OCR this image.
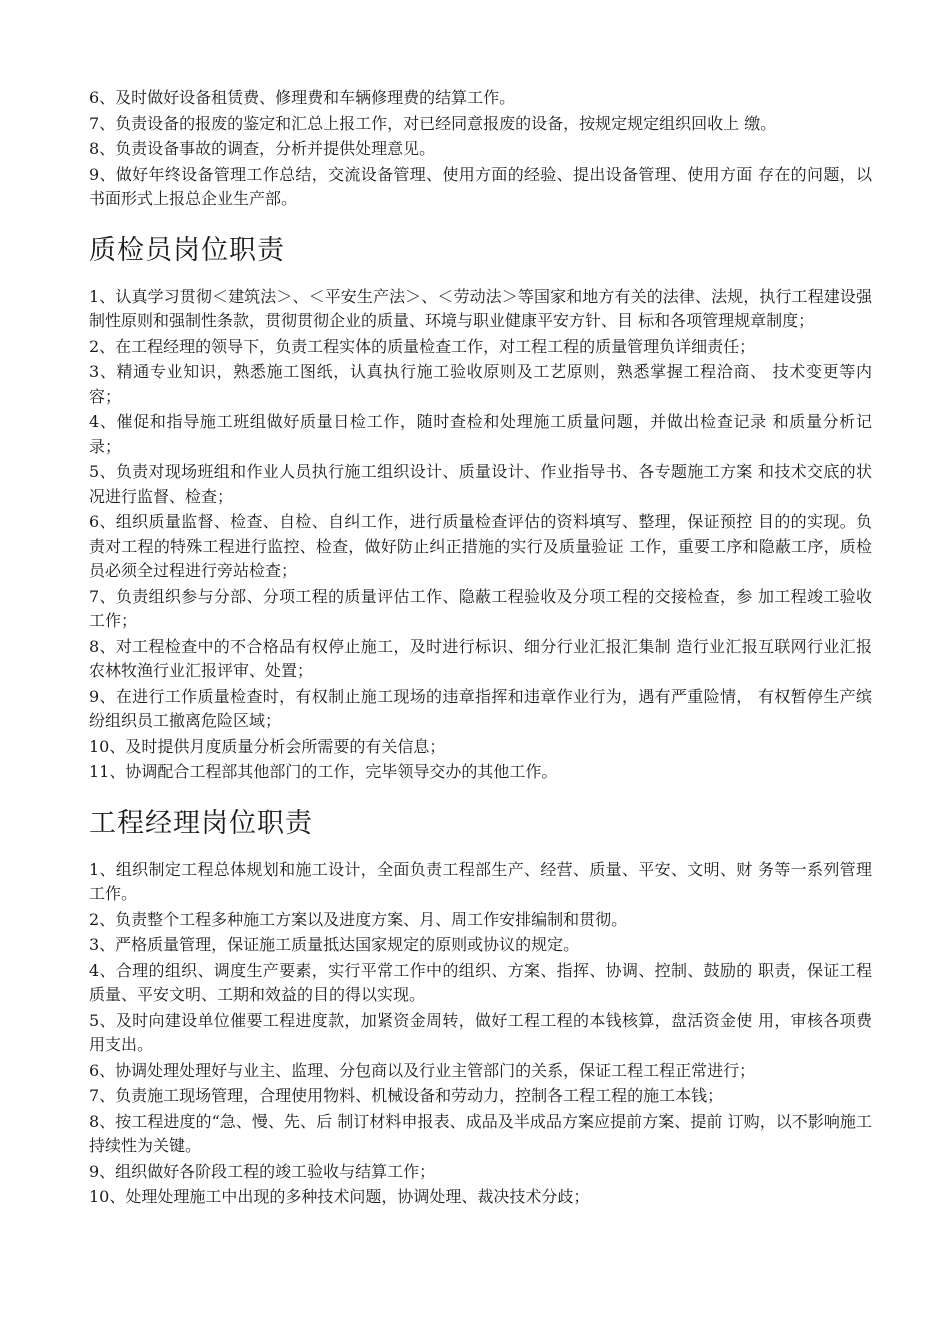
6、及时做好设备租赁费、修理费和车辆修理费的结算工作。

7、负责设备的报废的鉴定和汇总上报工作，对已经同意报废的设备，按规定规定组织回收上 缴。

8、负责设备事故的调查，分析并提供处理意见。

9、做好年终设备管理工作总结，交流设备管理、使用方面的经验、提出设备管理、使用方面 存在的问题，以书面形式上报总企业生产部。

质检员岗位职责

1、认真学习贯彻＜建筑法＞、＜平安生产法＞、＜劳动法＞等国家和地方有关的法律、法规，执行工程建设强制性原则和强制性条款，贯彻贯彻企业的质量、环境与职业健康平安方针、目 标和各项管理规章制度；

2、在工程经理的领导下，负责工程实体的质量检查工作，对工程工程的质量管理负详细责任；

3、精通专业知识，熟悉施工图纸，认真执行施工验收原则及工艺原则，熟悉掌握工程洽商、 技术变更等内容；

4、催促和指导施工班组做好质量日检工作，随时查检和处理施工质量问题，并做出检查记录 和质量分析记录；

5、负责对现场班组和作业人员执行施工组织设计、质量设计、作业指导书、各专题施工方案 和技术交底的状况进行监督、检查；

6、组织质量监督、检查、自检、自纠工作，进行质量检查评估的资料填写、整理，保证预控 目的的实现。负责对工程的特殊工程进行监控、检查，做好防止纠正措施的实行及质量验证 工作，重要工序和隐蔽工序，质检员必须全过程进行旁站检查；

7、负责组织参与分部、分项工程的质量评估工作、隐蔽工程验收及分项工程的交接检查，参 加工程竣工验收工作；

8、对工程检查中的不合格品有权停止施工，及时进行标识、细分行业汇报汇集制 造行业汇报互联网行业汇报农林牧渔行业汇报评审、处置；

9、在进行工作质量检查时，有权制止施工现场的违章指挥和违章作业行为，遇有严重险情， 有权暂停生产缤纷组织员工撤离危险区域；

10、及时提供月度质量分析会所需要的有关信息；

11、协调配合工程部其他部门的工作，完毕领导交办的其他工作。

工程经理岗位职责

1、组织制定工程总体规划和施工设计，全面负责工程部生产、经营、质量、平安、文明、财 务等一系列管理工作。

2、负责整个工程多种施工方案以及进度方案、月、周工作安排编制和贯彻。

3、严格质量管理，保证施工质量抵达国家规定的原则或协议的规定。

4、合理的组织、调度生产要素，实行平常工作中的组织、方案、指挥、协调、控制、鼓励的 职责，保证工程质量、平安文明、工期和效益的目的得以实现。

5、及时向建设单位催要工程进度款，加紧资金周转，做好工程工程的本钱核算，盘活资金使 用，审核各项费用支出。

6、协调处理处理好与业主、监理、分包商以及行业主管部门的关系，保证工程工程正常进行；

7、负责施工现场管理，合理使用物料、机械设备和劳动力，控制各工程工程的施工本钱；

8、按工程进度的“急、慢、先、后 制订材料申报表、成品及半成品方案应提前方案、提前 订购，以不影响施工持续性为关键。

9、组织做好各阶段工程的竣工验收与结算工作；

10、处理处理施工中出现的多种技术问题，协调处理、裁决技术分歧；
